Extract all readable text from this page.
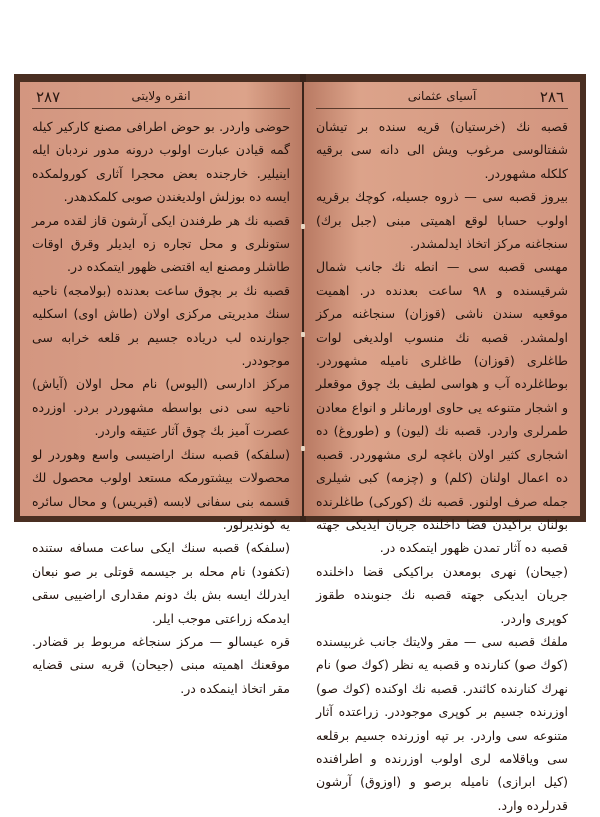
۲۸۷	انقره ولایتی

حوضی واردر. بو حوض اطرافی مصنع کارکیر کیله گمه قیادن عبارت اولوب درونه مدور نردبان ایله اینیلیر. خارجنده بعض محجرا آثاری کورولمکده ایسه ده بوزلش اولدیغندن صوبی کلمکدهدر.

قصبه نك هر طرفندن ایکی آرشون قاز لقده مرمر ستونلری و محل تجاره زه ایدیلر وقرق اوقات طاشلر ومصنع ایه اقتضی ظهور ایتمکده در.

قصبه نك بر بچوق ساعت بعدنده (بولامجه) ناحیه سنك مدیریتی مرکزی اولان (طاش اوی) اسکلیه جوارنده لب دریاده جسیم بر قلعه خرابه سی موجوددر.

مرکز ادارسی (الیوس) نام محل اولان (آیاش) ناحیه سی دنی بواسطه مشهوردر بردر. اوزرده عصرت آمیز بك چوق آثار عتیقه واردر.

(سلفکه) قصبه سنك اراضیسی واسع وهوردر لو محصولات بیشتورمکه مستعد اولوب محصول لك قسمه بنی سفانی لابسه (قبریس) و محال سائره یه کوندیرلور.

(سلفکه) قصبه سنك ایکی ساعت مسافه ستنده (تکفود) نام محله بر جیسمه قوتلی بر صو نبعان ایدرلك ایسه بش بك دونم مقداری اراضییی سقی ایدمکه زراعتی موجب ایلر.

قره عیسالو — مرکز سنجاغه مربوط بر قضادر. موقعنك اهمیته مبنی (جیحان) قریه سنی قضایه مقر اتخاذ اینمکده در.

آسیای عثمانی	۲۸٦

قصبه نك (خرستیان) قریه سنده بر تیشان شفتالوسی مرغوب ویش الی دانه سی برقیه کلکله مشهوردر.

بیروز قصبه سی — ذروه جسیله، کوچك برقریه اولوب حسابا لوقع اهمیتی مبنی (جبل برك) سنجاغنه مرکز اتخاذ ایدلمشدر.

مهسی قصبه سی — انطه نك جانب شمال شرقیسنده و ۹۸ ساعت بعدنده در. اهمیت موقعیه سندن ناشی (قوزان) سنجاغنه مرکز اولمشدر. قصبه نك منسوب اولدیغی لوات طاغلری (قوزان) طاغلری نامیله مشهوردر. بوطاغلرده آب و هواسی لطیف بك چوق موقعلر و اشجار متنوعه یی حاوی اورمانلر و انواع معادن طمرلری واردر. قصبه نك (لیون) و (طوروغ) ده اشجاری کثیر اولان باغچه لری مشهوردر. قصبه ده اعمال اولنان (کلم) و (چزمه) کبی شیلری جمله صرف اولنور. قصبه نك (کورکی) طاغلرنده بولنان براکیدن قضا داخلنده جریان ایدیکی جهته قصبه ده آثار تمدن ظهور ایتمکده در.

(جیحان) نهری بومعدن براکیکی قضا داخلنده جریان ایدیکی جهته قصبه نك جنوبنده طقوز کوپری واردر.

ملفك قصبه سی — مقر ولایتك جانب غربیسنده (کوك صو) کنارنده و قصبه یه نظر (کوك صو) نام نهرك کنارنده کائندر. قصبه نك اوکنده (کوك صو) اوزرنده جسیم بر کوپری موجوددر. زراعتده آثار متنوعه سی واردر. بر تپه اوزرنده جسیم برقلعه سی ویاقلامه لری اولوب اوزرنده و اطرافنده (کیل ابرازی) نامیله برصو و (اوزوق) آرشون قدرلرده وارد.
